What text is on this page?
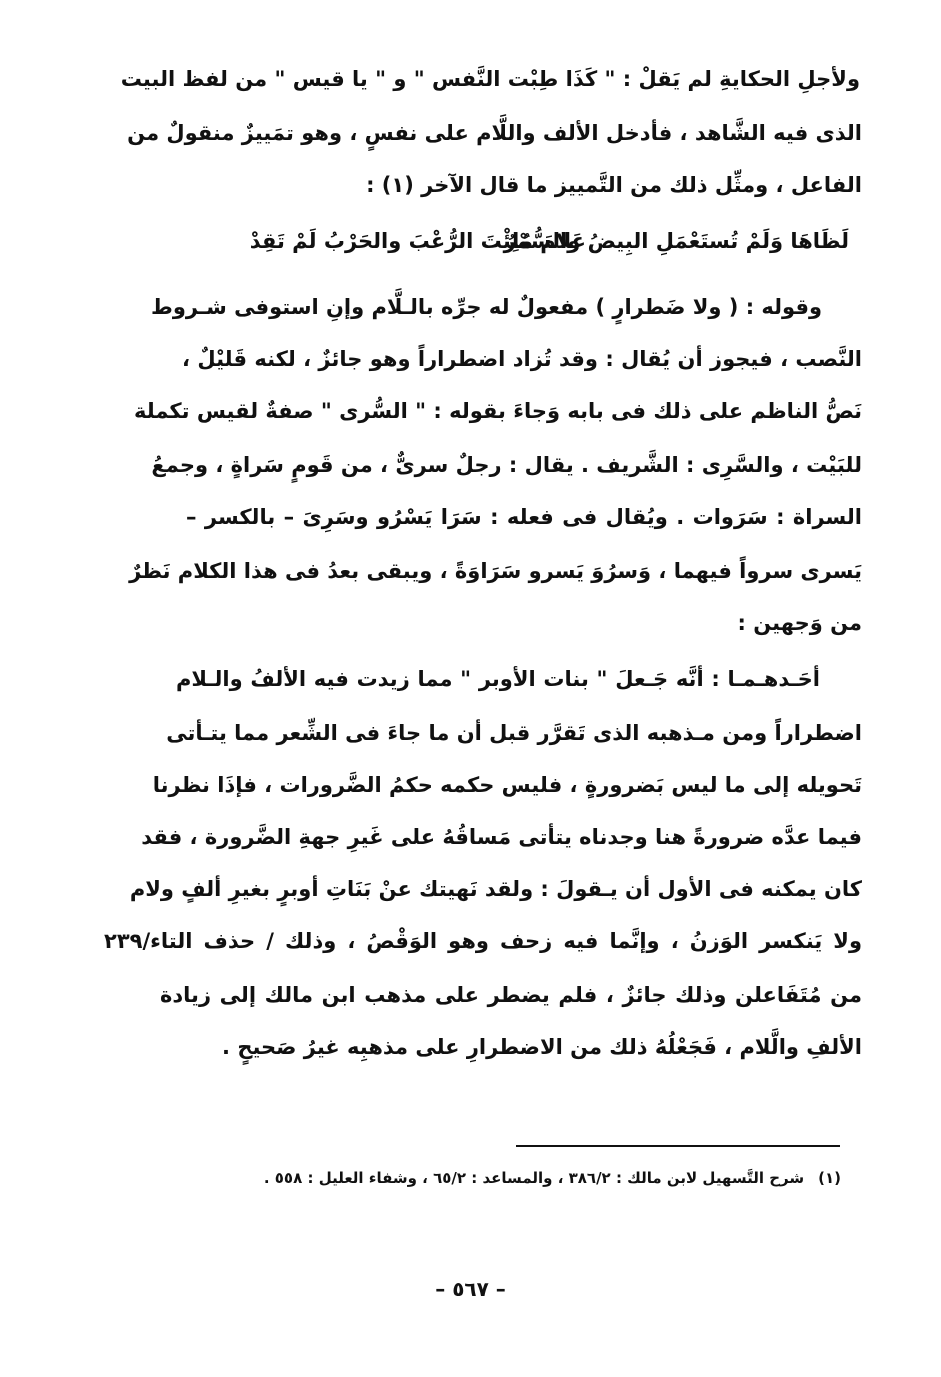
ولأجلِ الحكايةِ لم يَقلْ : " كَذَا طِبْت النَّفس " و " يا قيس " من لفظ البيت
الذى فيه الشَّاهد ، فأدخل الألف واللَّام على نفسٍ ، وهو تمَييزٌ منقولٌ من
الفاعل ، ومثِّل ذلك من التَّمييز ما قال الآخر (١) :
عَلامَ مُلِئْتَ الرُّعْبَ والحَرْبُ لَمْ تَقِدْ
لَظَاهَا وَلَمْ تُستَعْمَلِ البِيضُ والسُّمْرُ
وقوله : ( ولا ضَطرارٍ ) مفعولٌ له جرِّه بالـلَّام وإنِ استوفى شـروط
النَّصب ، فيجوز أن يُقال : وقد تُزاد اضطراراً وهو جائزٌ ، لكنه قَليْلٌ ،
نَصُّ الناظم على ذلك فى بابه وَجاءَ بقوله : " السُّرى " صفةٌ لقيس تكملة
للبَيْت ، والسَّرِى : الشَّريف . يقال : رجلٌ سرىٌّ ، من قَومٍ سَراةٍ ، وجمعُ
السراة : سَرَوات . ويُقال فى فعله : سَرَا يَسْرُو وسَرِىَ – بالكسر –
يَسرى سرواً فيهما ، وَسرُوَ يَسرو سَرَاوَةً ، ويبقى بعدُ فى هذا الكلام نَظرٌ
من وَجهين :
أحَـدهـمـا : أنَّه جَـعلَ " بنات الأوبر " مما زيدت فيه الألفُ والـلام
اضطراراً ومن مـذهبه الذى تَقرَّر قبل أن ما جاءَ فى الشِّعر مما يتـأتى
تَحويله إلى ما ليس بَضرورةٍ ، فليس حكمه حكمُ الضَّرورات ، فإذَا نظرنا
فيما عدَّه ضرورةً هنا وجدناه يتأتى مَساقُهُ على غَيرِ جهةِ الضَّرورة ، فقد
كان يمكنه فى الأول أن يـقولَ : ولقد نَهيتك عنْ بَنَاتِ أوبرٍ بغيرِ ألفٍ ولام
ولا يَنكسر الوَزنُ ، وإنَّما فيه زحف وهو الوَقْصُ ، وذلك / حذف التاء/٢٣٩
من مُتَفَاعلن وذلك جائزٌ ، فلم يضطر على مذهب ابن مالك إلى زيادة
الألفِ والَّلام ، فَجَعْلُهُ ذلك من الاضطرارِ على مذهبِه غيرُ صَحيحٍ .
(١)شرح التَّسهيل لابن مالك : ٣٨٦/٢ ، والمساعد : ٦٥/٢ ، وشفاء العليل : ٥٥٨ .
– ٥٦٧ –
